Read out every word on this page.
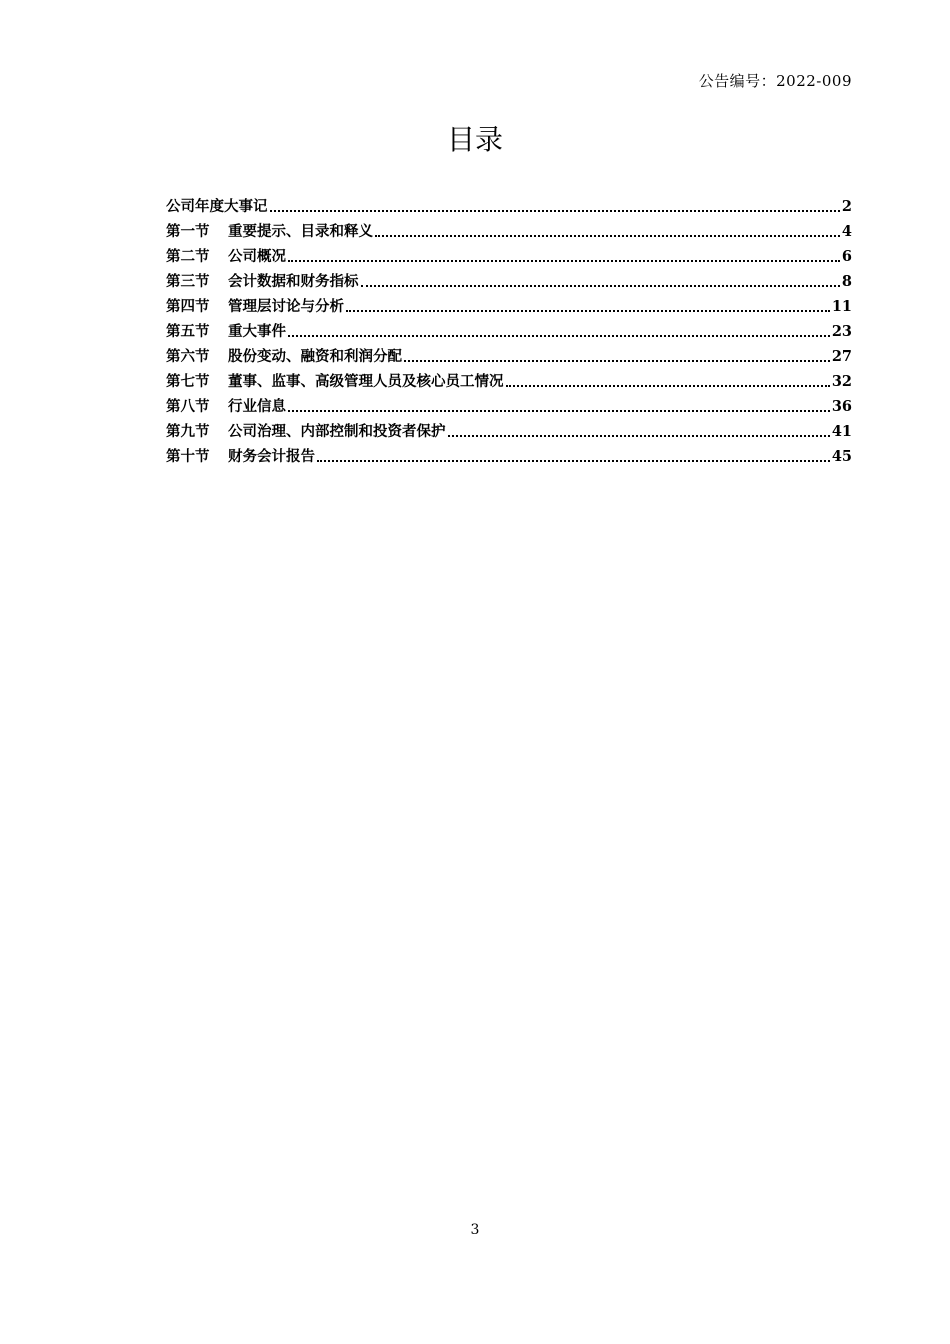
公告编号：2022-009
目录
公司年度大事记	2
第一节	重要提示、目录和释义	4
第二节	公司概况	6
第三节	会计数据和财务指标	8
第四节	管理层讨论与分析	11
第五节	重大事件	23
第六节	股份变动、融资和利润分配	27
第七节	董事、监事、高级管理人员及核心员工情况	32
第八节	行业信息	36
第九节	公司治理、内部控制和投资者保护	41
第十节	财务会计报告	45
3
